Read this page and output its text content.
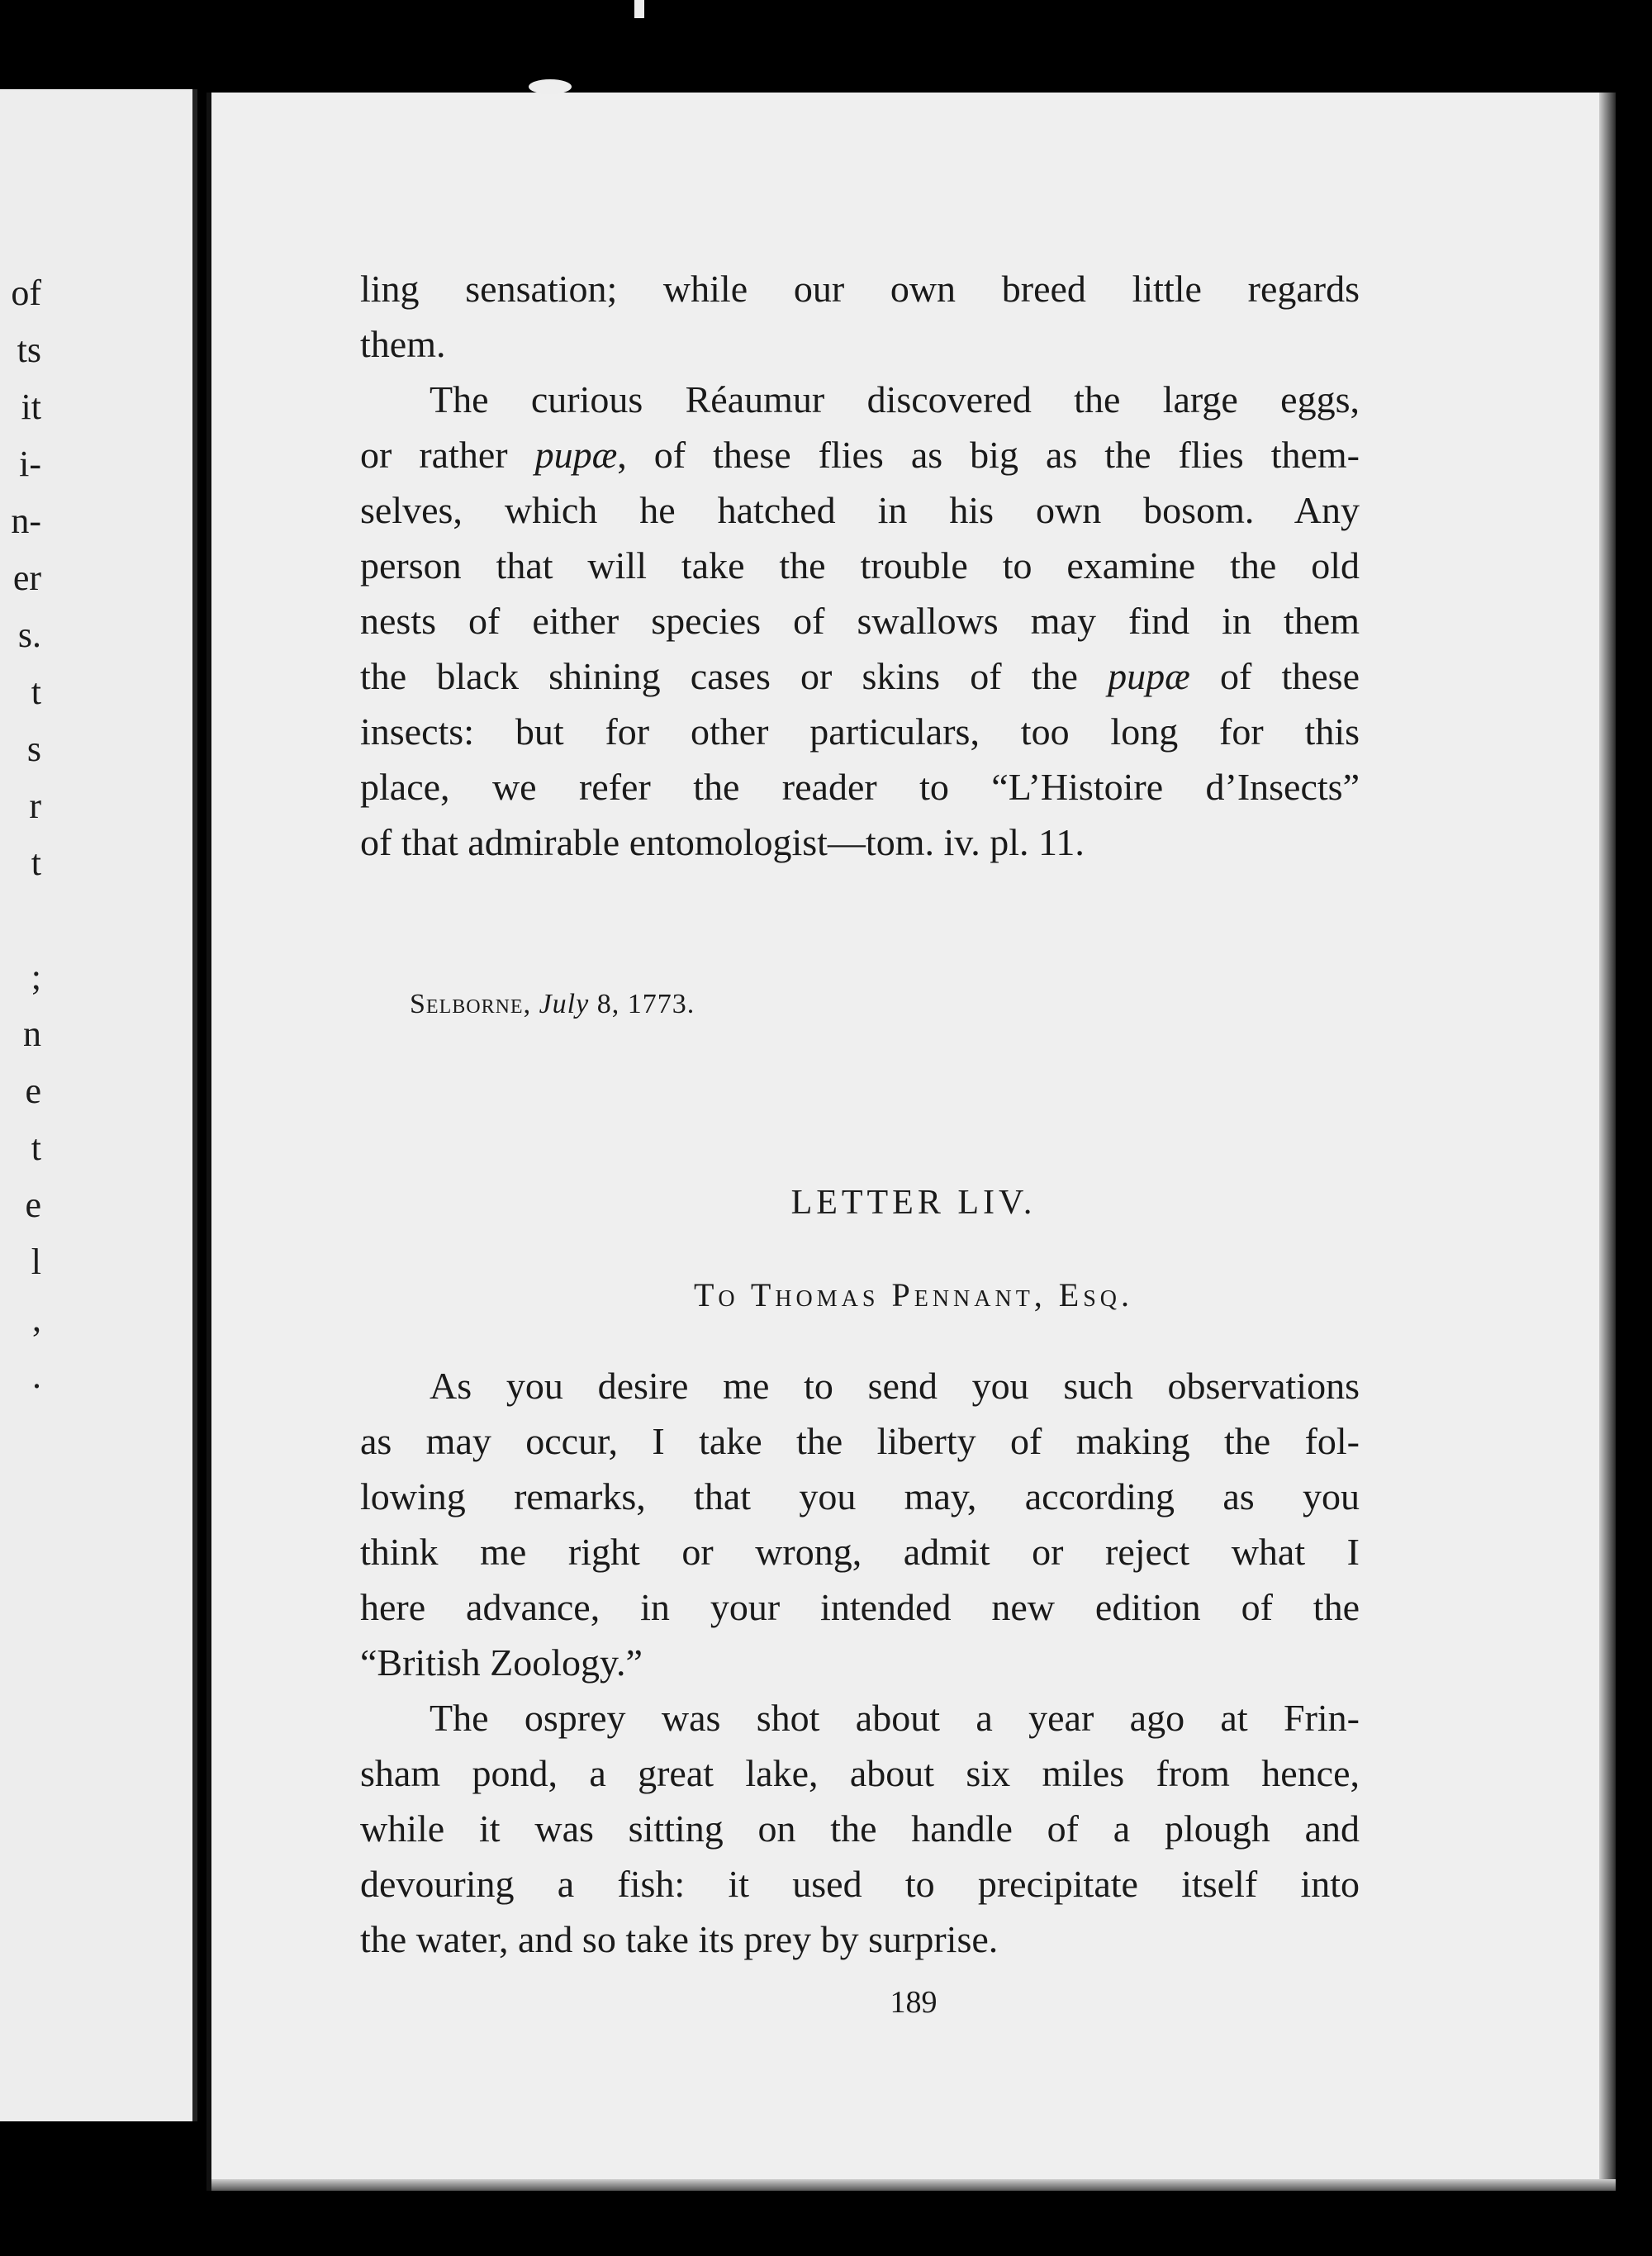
of
ts
it
i-
n-
er
s.
t
s
r
t
;
n
e
t
e
l
,
.
ling sensation; while our own breed little regards
them.
The curious Réaumur discovered the large eggs,
or rather pupæ, of these flies as big as the flies them-
selves, which he hatched in his own bosom. Any
person that will take the trouble to examine the old
nests of either species of swallows may find in them
the black shining cases or skins of the pupæ of these
insects: but for other particulars, too long for this
place, we refer the reader to “L’Histoire d’Insects”
of that admirable entomologist—tom. iv. pl. 11.
Selborne, July 8, 1773.
LETTER LIV.
To Thomas Pennant, Esq.
As you desire me to send you such observations
as may occur, I take the liberty of making the fol-
lowing remarks, that you may, according as you
think me right or wrong, admit or reject what I
here advance, in your intended new edition of the
“British Zoology.”
The osprey was shot about a year ago at Frin-
sham pond, a great lake, about six miles from hence,
while it was sitting on the handle of a plough and
devouring a fish: it used to precipitate itself into
the water, and so take its prey by surprise.
189
